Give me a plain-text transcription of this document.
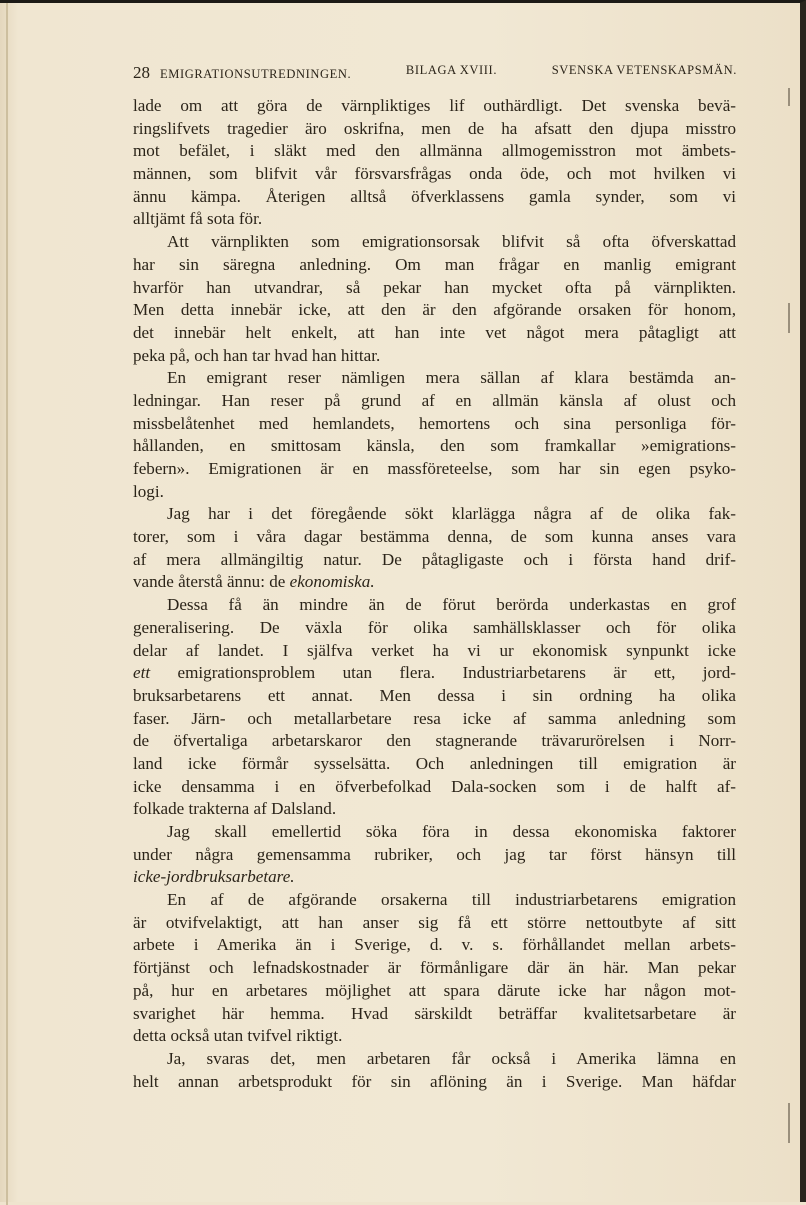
28 EMIGRATIONSUTREDNINGEN.	BILAGA XVIII.	SVENSKA VETENSKAPSMÄN.
lade om att göra de värnpliktiges lif outhärdligt. Det svenska bevä-
ringslifvets tragedier äro oskrifna, men de ha afsatt den djupa misstro
mot befälet, i släkt med den allmänna allmogemisstron mot ämbets-
männen, som blifvit vår försvarsfrågas onda öde, och mot hvilken vi
ännu kämpa. Återigen alltså öfverklassens gamla synder, som vi
alltjämt få sota för.
Att värnplikten som emigrationsorsak blifvit så ofta öfverskattad
har sin säregna anledning. Om man frågar en manlig emigrant
hvarför han utvandrar, så pekar han mycket ofta på värnplikten.
Men detta innebär icke, att den är den afgörande orsaken för honom,
det innebär helt enkelt, att han inte vet något mera påtagligt att
peka på, och han tar hvad han hittar.
En emigrant reser nämligen mera sällan af klara bestämda an-
ledningar. Han reser på grund af en allmän känsla af olust och
missbelåtenhet med hemlandets, hemortens och sina personliga för-
hållanden, en smittosam känsla, den som framkallar »emigrations-
febern». Emigrationen är en massföreteelse, som har sin egen psyko-
logi.
Jag har i det föregående sökt klarlägga några af de olika fak-
torer, som i våra dagar bestämma denna, de som kunna anses vara
af mera allmängiltig natur. De påtagligaste och i första hand drif-
vande återstå ännu: de ekonomiska.
Dessa få än mindre än de förut berörda underkastas en grof
generalisering. De växla för olika samhällsklasser och för olika
delar af landet. I själfva verket ha vi ur ekonomisk synpunkt icke
ett emigrationsproblem utan flera. Industriarbetarens är ett, jord-
bruksarbetarens ett annat. Men dessa i sin ordning ha olika
faser. Järn- och metallarbetare resa icke af samma anledning som
de öfvertaliga arbetarskaror den stagnerande trävarurörelsen i Norr-
land icke förmår sysselsätta. Och anledningen till emigration är
icke densamma i en öfverbefolkad Dala-socken som i de halft af-
folkade trakterna af Dalsland.
Jag skall emellertid söka föra in dessa ekonomiska faktorer
under några gemensamma rubriker, och jag tar först hänsyn till
icke-jordbruksarbetare.
En af de afgörande orsakerna till industriarbetarens emigration
är otvifvelaktigt, att han anser sig få ett större nettoutbyte af sitt
arbete i Amerika än i Sverige, d. v. s. förhållandet mellan arbets-
förtjänst och lefnadskostnader är förmånligare där än här. Man pekar
på, hur en arbetares möjlighet att spara därute icke har någon mot-
svarighet här hemma. Hvad särskildt beträffar kvalitetsarbetare är
detta också utan tvifvel riktigt.
Ja, svaras det, men arbetaren får också i Amerika lämna en
helt annan arbetsprodukt för sin aflöning än i Sverige. Man häfdar
